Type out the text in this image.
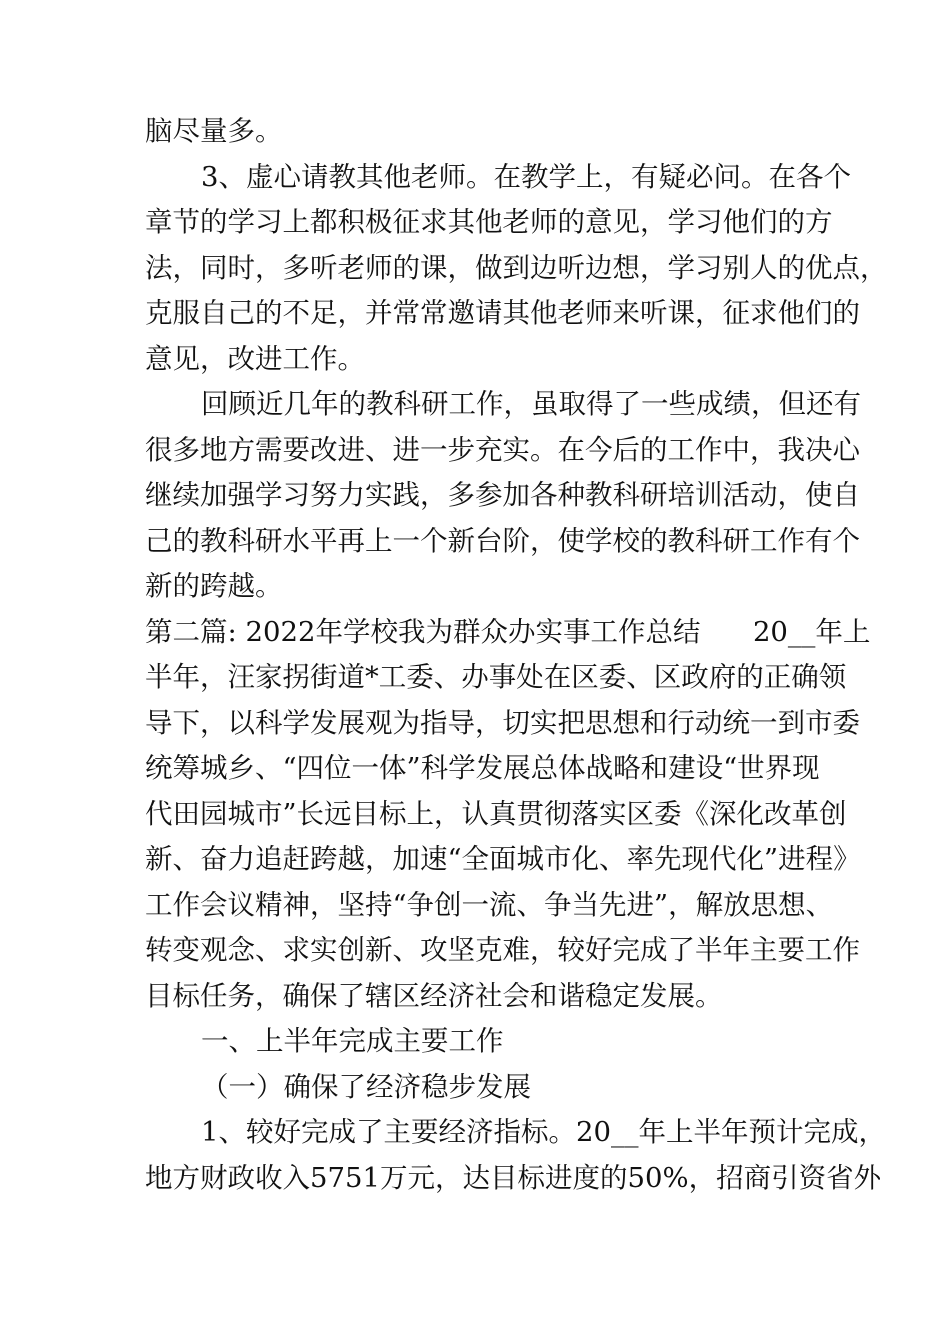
脑尽量多。
3、虚心请教其他老师。在教学上，有疑必问。在各个
章节的学习上都积极征求其他老师的意见，学习他们的方
法，同时，多听老师的课，做到边听边想，学习别人的优点，
克服自己的不足，并常常邀请其他老师来听课，征求他们的
意见，改进工作。
回顾近几年的教科研工作，虽取得了一些成绩，但还有
很多地方需要改进、进一步充实。在今后的工作中，我决心
继续加强学习努力实践，多参加各种教科研培训活动，使自
己的教科研水平再上一个新台阶，使学校的教科研工作有个
新的跨越。
第二篇: 2022年学校我为群众办实事工作总结      20__年上
半年，汪家拐街道*工委、办事处在区委、区政府的正确领
导下，以科学发展观为指导，切实把思想和行动统一到市委
统筹城乡、“四位一体”科学发展总体战略和建设“世界现
代田园城市”长远目标上，认真贯彻落实区委《深化改革创
新、奋力追赶跨越，加速“全面城市化、率先现代化”进程》
工作会议精神，坚持“争创一流、争当先进”，解放思想、
转变观念、求实创新、攻坚克难，较好完成了半年主要工作
目标任务，确保了辖区经济社会和谐稳定发展。
一、上半年完成主要工作
（一）确保了经济稳步发展
1、较好完成了主要经济指标。20__年上半年预计完成，
地方财政收入5751万元，达目标进度的50%，招商引资省外
